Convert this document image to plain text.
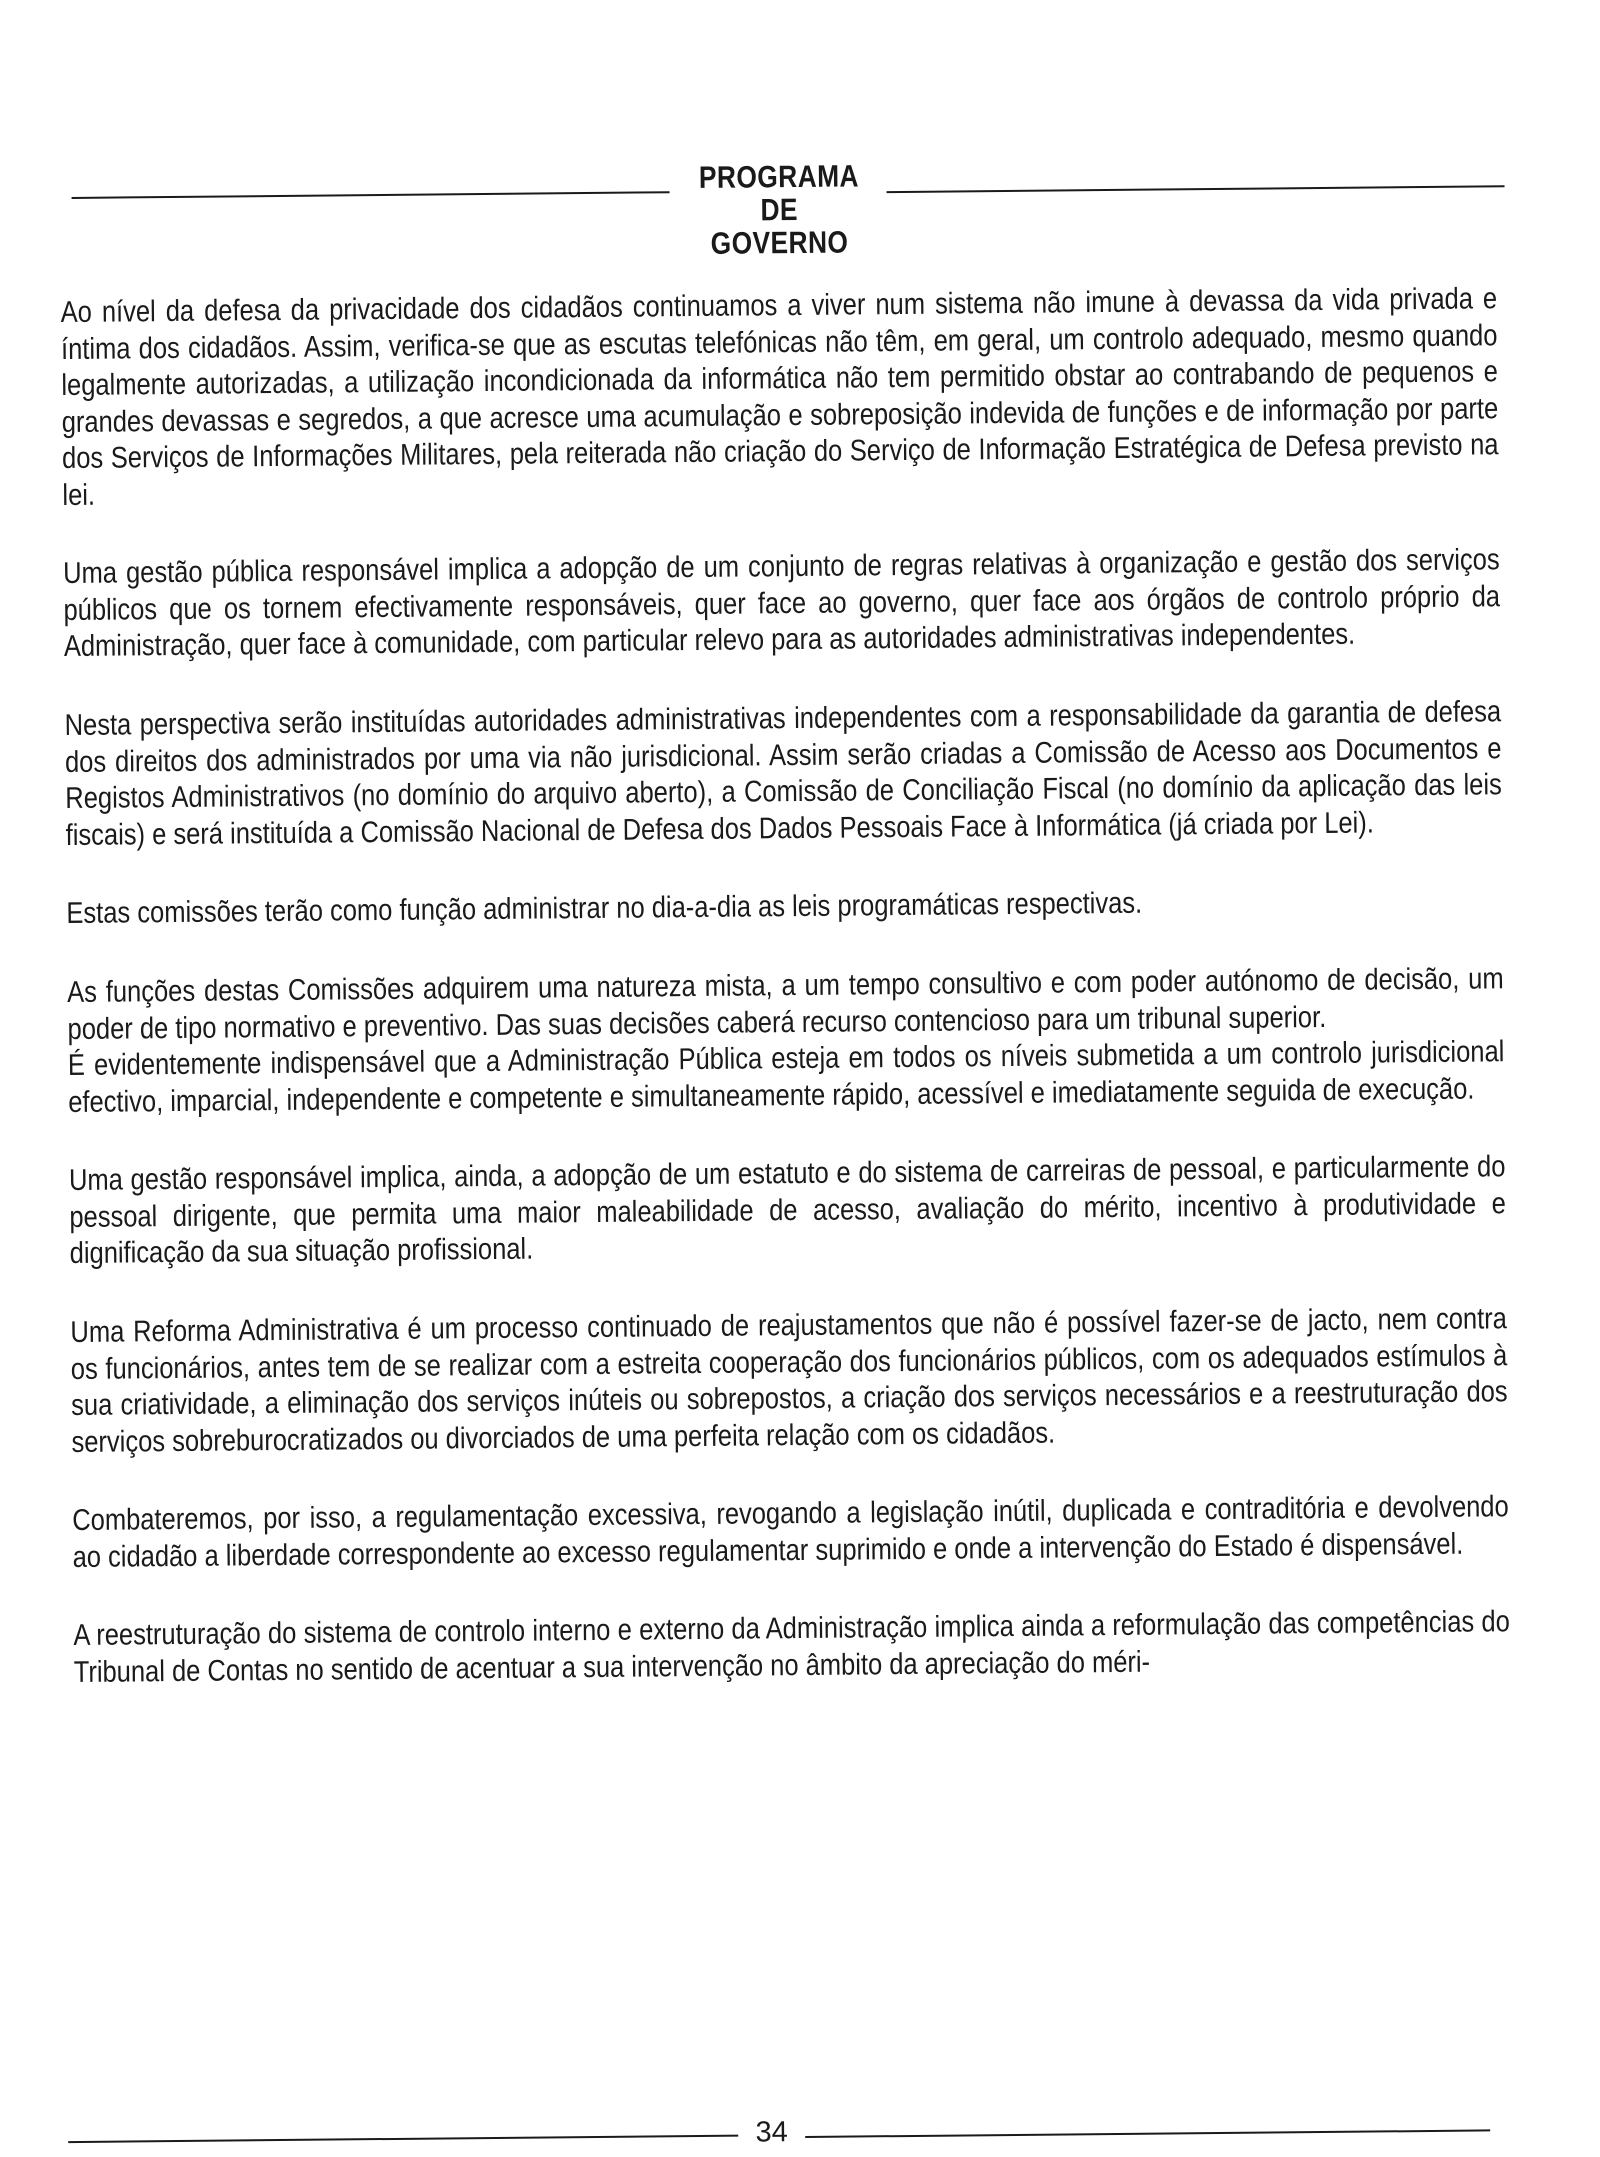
PROGRAMA
DE GOVERNO

Ao nível da defesa da privacidade dos cidadãos continuamos a viver num sistema não imune à devassa da vida privada e íntima dos cidadãos. Assim, verifica-se que as escutas telefónicas não têm, em geral, um controlo adequado, mesmo quando legalmente autorizadas, a utilização incondicionada da informática não tem permitido obstar ao contrabando de pequenos e grandes devassas e segredos, a que acresce uma acumulação e sobreposição indevida de funções e de informação por parte dos Serviços de Informações Militares, pela reiterada não criação do Serviço de Informação Estratégica de Defesa previsto na lei.

Uma gestão pública responsável implica a adopção de um conjunto de regras relativas à organização e gestão dos serviços públicos que os tornem efectivamente responsáveis, quer face ao governo, quer face aos órgãos de controlo próprio da Administração, quer face à comunidade, com particular relevo para as autoridades administrativas independentes.

Nesta perspectiva serão instituídas autoridades administrativas independentes com a responsabilidade da garantia de defesa dos direitos dos administrados por uma via não jurisdicional. Assim serão criadas a Comissão de Acesso aos Documentos e Registos Administrativos (no domínio do arquivo aberto), a Comissão de Conciliação Fiscal (no domínio da aplicação das leis fiscais) e será instituída a Comissão Nacional de Defesa dos Dados Pessoais Face à Informática (já criada por Lei).

Estas comissões terão como função administrar no dia-a-dia as leis programáticas respectivas.

As funções destas Comissões adquirem uma natureza mista, a um tempo consultivo e com poder autónomo de decisão, um poder de tipo normativo e preventivo. Das suas decisões caberá recurso contencioso para um tribunal superior.

É evidentemente indispensável que a Administração Pública esteja em todos os níveis submetida a um controlo jurisdicional efectivo, imparcial, independente e competente e simultaneamente rápido, acessível e imediatamente seguida de execução.

Uma gestão responsável implica, ainda, a adopção de um estatuto e do sistema de carreiras de pessoal, e particularmente do pessoal dirigente, que permita uma maior maleabilidade de acesso, avaliação do mérito, incentivo à produtividade e dignificação da sua situação profissional.

Uma Reforma Administrativa é um processo continuado de reajustamentos que não é possível fazer-se de jacto, nem contra os funcionários, antes tem de se realizar com a estreita cooperação dos funcionários públicos, com os adequados estímulos à sua criatividade, a eliminação dos serviços inúteis ou sobrepostos, a criação dos serviços necessários e a reestruturação dos serviços sobreburocratizados ou divorciados de uma perfeita relação com os cidadãos.

Combateremos, por isso, a regulamentação excessiva, revogando a legislação inútil, duplicada e contraditória e devolvendo ao cidadão a liberdade correspondente ao excesso regulamentar suprimido e onde a intervenção do Estado é dispensável.

A reestruturação do sistema de controlo interno e externo da Administração implica ainda a reformulação das competências do Tribunal de Contas no sentido de acentuar a sua intervenção no âmbito da apreciação do méri-

34
